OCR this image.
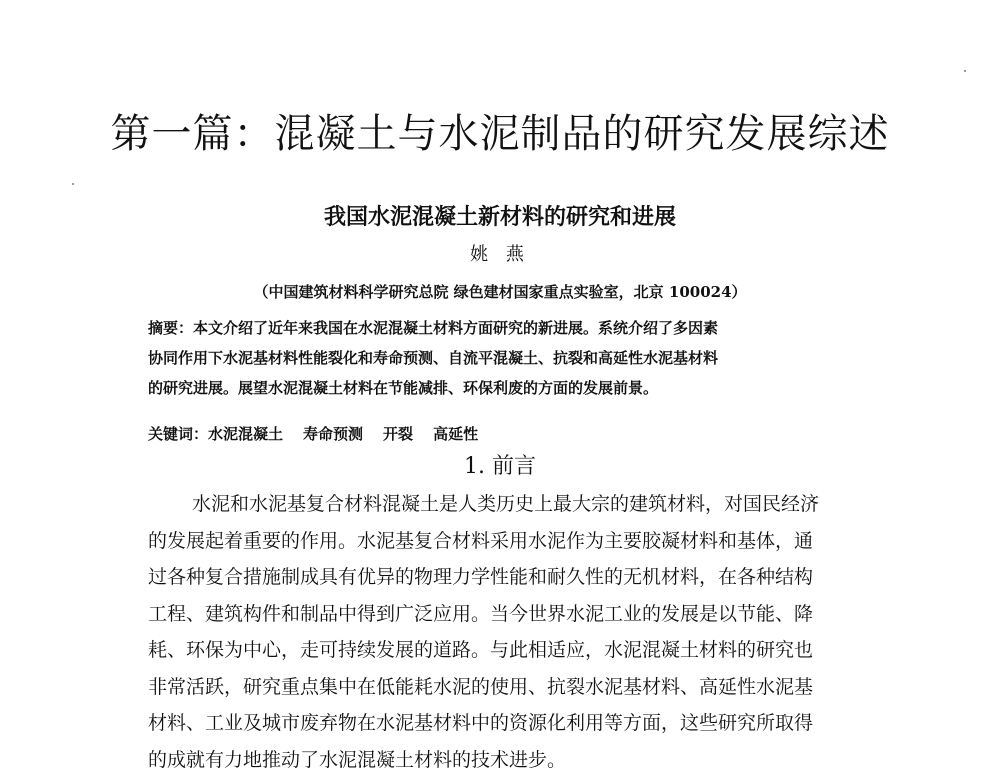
第一篇：混凝土与水泥制品的研究发展综述
我国水泥混凝土新材料的研究和进展
姚 燕
（中国建筑材料科学研究总院 绿色建材国家重点实验室，北京 100024）
摘要：本文介绍了近年来我国在水泥混凝土材料方面研究的新进展。系统介绍了多因素
协同作用下水泥基材料性能裂化和寿命预测、自流平混凝土、抗裂和高延性水泥基材料
的研究进展。展望水泥混凝土材料在节能减排、环保利废的方面的发展前景。
关键词：水泥混凝土 寿命预测 开裂 高延性
1. 前言
水泥和水泥基复合材料混凝土是人类历史上最大宗的建筑材料，对国民经济
的发展起着重要的作用。水泥基复合材料采用水泥作为主要胶凝材料和基体，通
过各种复合措施制成具有优异的物理力学性能和耐久性的无机材料，在各种结构
工程、建筑构件和制品中得到广泛应用。当今世界水泥工业的发展是以节能、降
耗、环保为中心，走可持续发展的道路。与此相适应，水泥混凝土材料的研究也
非常活跃，研究重点集中在低能耗水泥的使用、抗裂水泥基材料、高延性水泥基
材料、工业及城市废弃物在水泥基材料中的资源化利用等方面，这些研究所取得
的成就有力地推动了水泥混凝土材料的技术进步。
